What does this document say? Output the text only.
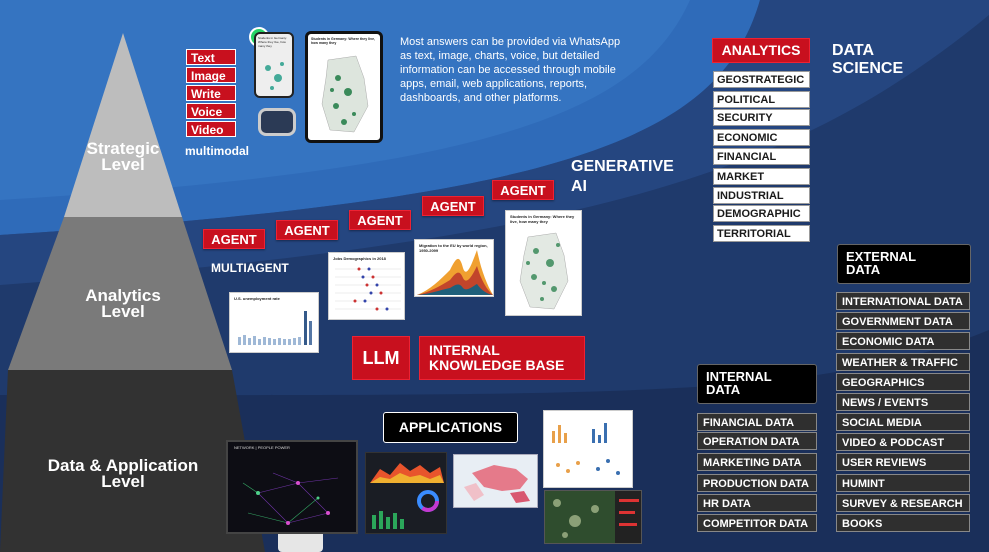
Strategic
Level
Analytics
Level
Data & Application
Level
Text
Image
Write
Voice
Video
multimodal
Students in Germany: Where they live, how many they
Students in Germany: Where they live, how many they	Most answers can be provided via WhatsApp as text, image, charts, voice, but detailed information can be accessed through mobile apps, email, web applications, reports, dashboards, and other platforms.
GENERATIVE
AI
AGENT
AGENT
AGENT
AGENT
AGENT
MULTIAGENT
U.S. unemployment rate
Jobs Demographics in 2018
Migration to the EU by world region, 1950-2099
Students in Germany: Where they live, how many they
LLM	INTERNAL
KNOWLEDGE BASE
ANALYTICS
GEOSTRATEGIC
POLITICAL
SECURITY
ECONOMIC
FINANCIAL
MARKET
INDUSTRIAL
DEMOGRAPHIC
TERRITORIAL
DATA
SCIENCE
EXTERNAL
DATA
INTERNATIONAL DATA
GOVERNMENT DATA
ECONOMIC DATA
WEATHER & TRAFFIC
GEOGRAPHICS
NEWS / EVENTS
SOCIAL MEDIA
VIDEO & PODCAST
USER REVIEWS
HUMINT
SURVEY & RESEARCH
BOOKS
INTERNAL
DATA
FINANCIAL DATA
OPERATION DATA
MARKETING DATA
PRODUCTION DATA
HR DATA
COMPETITOR DATA
APPLICATIONS
NETWORK | PEOPLE POWER
